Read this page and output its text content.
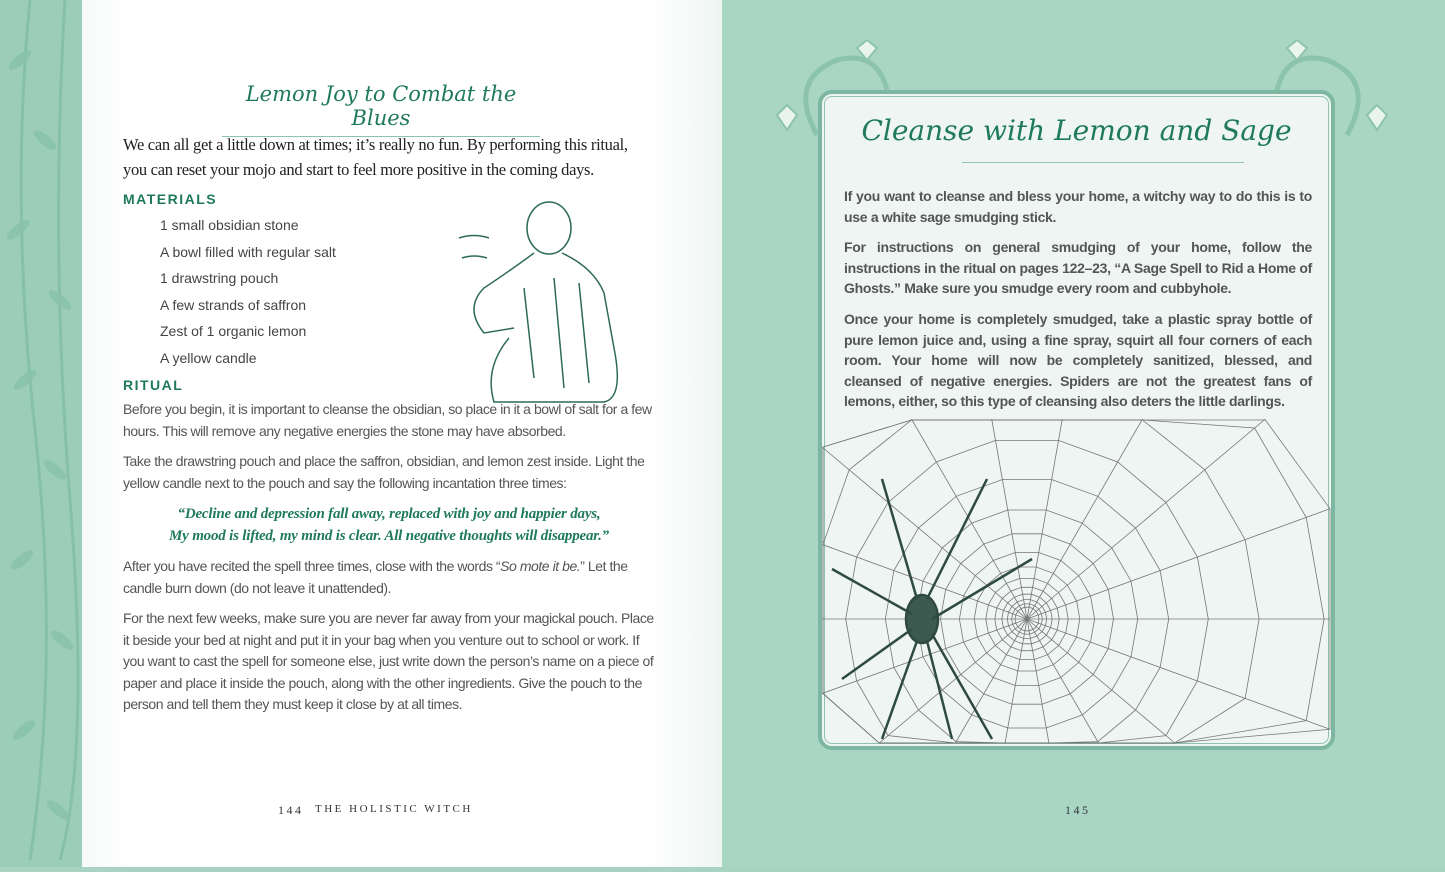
Lemon Joy to Combat the Blues
We can all get a little down at times; it’s really no fun. By performing this ritual, you can reset your mojo and start to feel more positive in the coming days.
MATERIALS
1 small obsidian stone
A bowl filled with regular salt
1 drawstring pouch
A few strands of saffron
Zest of 1 organic lemon
A yellow candle
RITUAL
Before you begin, it is important to cleanse the obsidian, so place in it a bowl of salt for a few hours. This will remove any negative energies the stone may have absorbed.
Take the drawstring pouch and place the saffron, obsidian, and lemon zest inside. Light the yellow candle next to the pouch and say the following incantation three times:
“Decline and depression fall away, replaced with joy and happier days,
My mood is lifted, my mind is clear. All negative thoughts will disappear.”
After you have recited the spell three times, close with the words “So mote it be.” Let the candle burn down (do not leave it unattended).
For the next few weeks, make sure you are never far away from your magickal pouch. Place it beside your bed at night and put it in your bag when you venture out to school or work. If you want to cast the spell for someone else, just write down the person’s name on a piece of paper and place it inside the pouch, along with the other ingredients. Give the pouch to the person and tell them they must keep it close by at all times.
144 THE HOLISTIC WITCH
Cleanse with Lemon and Sage

If you want to cleanse and bless your home, a witchy way to do this is to use a white sage smudging stick.

For instructions on general smudging of your home, follow the instructions in the ritual on pages 122–23, “A Sage Spell to Rid a Home of Ghosts.” Make sure you smudge every room and cubbyhole.

Once your home is completely smudged, take a plastic spray bottle of pure lemon juice and, using a fine spray, squirt all four corners of each room. Your home will now be completely sanitized, blessed, and cleansed of negative energies. Spiders are not the greatest fans of lemons, either, so this type of cleansing also deters the little darlings.

145
